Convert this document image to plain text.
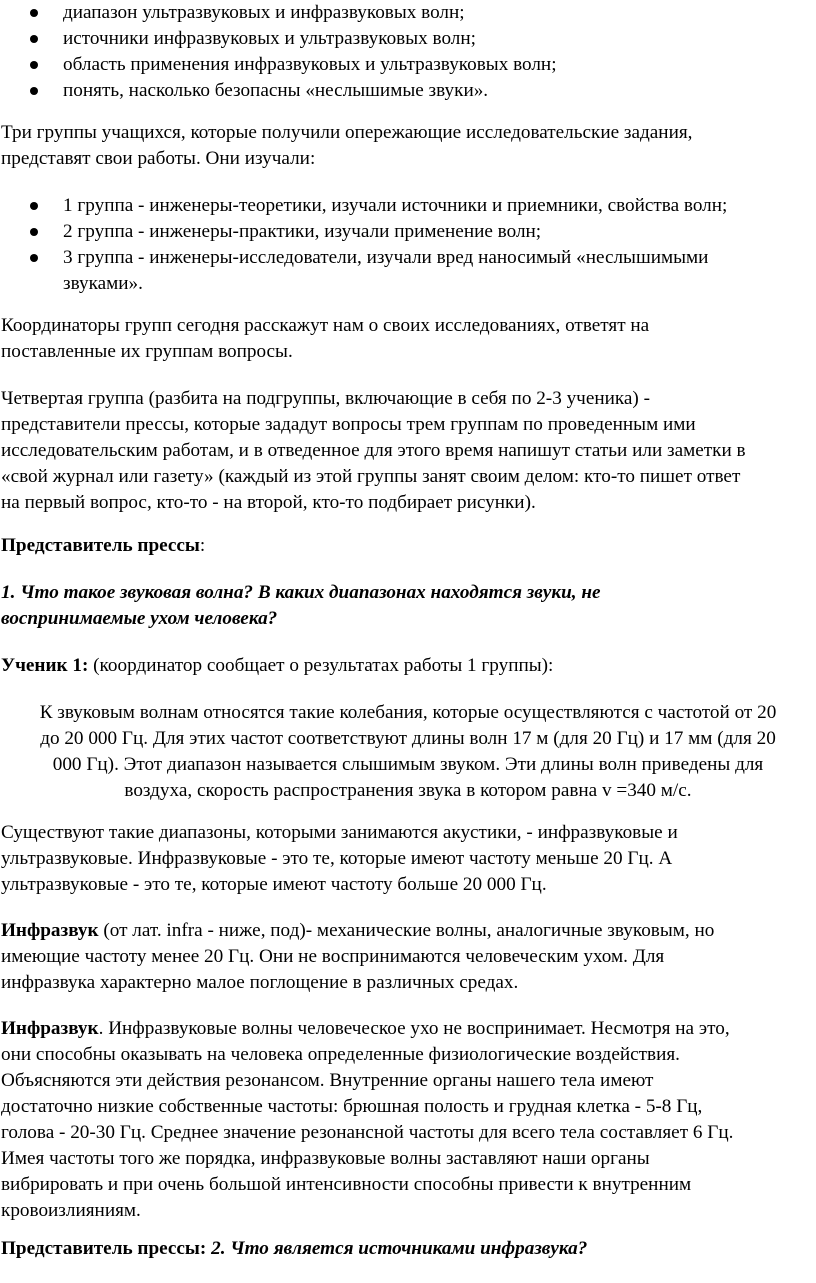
диапазон ультразвуковых и инфразвуковых волн;
источники инфразвуковых и ультразвуковых волн;
область применения инфразвуковых и ультразвуковых волн;
понять, насколько безопасны «неслышимые звуки».

Три группы учащихся, которые получили опережающие исследовательские задания,

представят свои работы. Они изучали:

1 группа - инженеры-теоретики, изучали источники и приемники, свойства волн;
2 группа - инженеры-практики, изучали применение волн;
3 группа - инженеры-исследователи, изучали вред наносимый «неслышимыми
звуками».

Координаторы групп сегодня расскажут нам о своих исследованиях, ответят на

поставленные их группам вопросы.

Четвертая группа (разбита на подгруппы, включающие в себя по 2-3 ученика) -

представители прессы, которые зададут вопросы трем группам по проведенным ими

исследовательским работам, и в отведенное для этого время напишут статьи или заметки в

«свой журнал или газету» (каждый из этой группы занят своим делом: кто-то пишет ответ

на первый вопрос, кто-то - на второй, кто-то подбирает рисунки).

Представитель прессы:

1. Что такое звуковая волна? В каких диапазонах находятся звуки, не

воспринимаемые ухом человека?

Ученик 1: (координатор сообщает о результатах работы 1 группы):

К звуковым волнам относятся такие колебания, которые осуществляются с частотой от 20

до 20 000 Гц. Для этих частот соответствуют длины волн 17 м (для 20 Гц) и 17 мм (для 20

000 Гц). Этот диапазон называется слышимым звуком. Эти длины волн приведены для

воздуха, скорость распространения звука в котором равна v =340 м/с.

Существуют такие диапазоны, которыми занимаются акустики, - инфразвуковые и

ультразвуковые. Инфразвуковые - это те, которые имеют частоту меньше 20 Гц. А

ультразвуковые - это те, которые имеют частоту больше 20 000 Гц.

Инфразвук (от лат. infra - ниже, под)- механические волны, аналогичные звуковым, но

имеющие частоту менее 20 Гц. Они не воспринимаются человеческим ухом. Для

инфразвука характерно малое поглощение в различных средах.

Инфразвук. Инфразвуковые волны человеческое ухо не воспринимает. Несмотря на это,

они способны оказывать на человека определенные физиологические воздействия.

Объясняются эти действия резонансом. Внутренние органы нашего тела имеют

достаточно низкие собственные частоты: брюшная полость и грудная клетка - 5-8 Гц,

голова - 20-30 Гц. Среднее значение резонансной частоты для всего тела составляет 6 Гц.

Имея частоты того же порядка, инфразвуковые волны заставляют наши органы

вибрировать и при очень большой интенсивности способны привести к внутренним

кровоизлияниям.

Представитель прессы: 2. Что является источниками инфразвука?
